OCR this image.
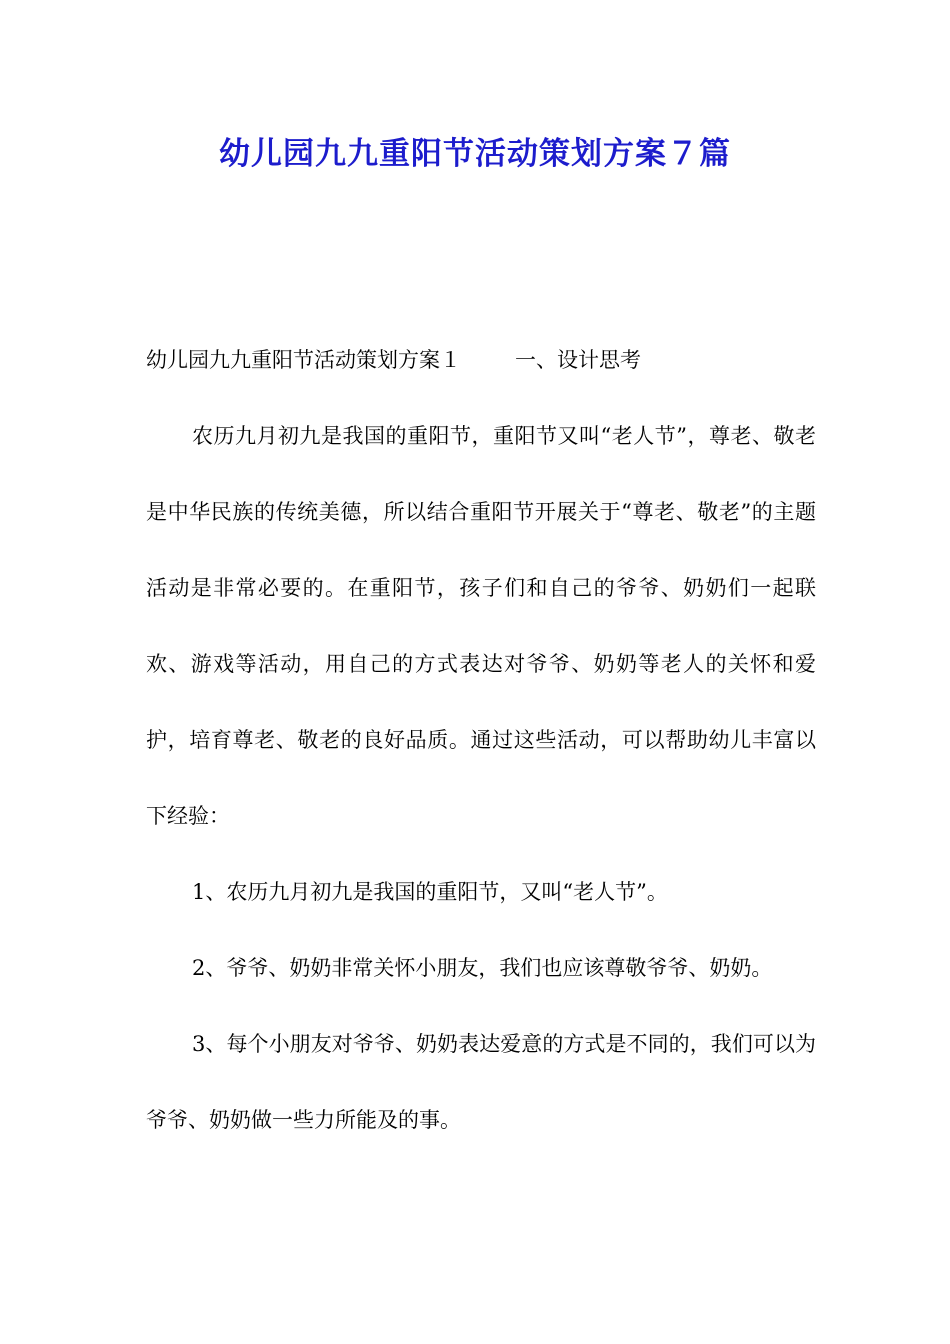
幼儿园九九重阳节活动策划方案７篇
幼儿园九九重阳节活动策划方案１	一、设计思考

农历九月初九是我国的重阳节，重阳节又叫“老人节”，尊老、敬老是中华民族的传统美德，所以结合重阳节开展关于“尊老、敬老”的主题活动是非常必要的。在重阳节，孩子们和自己的爷爷、奶奶们一起联欢、游戏等活动，用自己的方式表达对爷爷、奶奶等老人的关怀和爱护，培育尊老、敬老的良好品质。通过这些活动，可以帮助幼儿丰富以下经验：

1、农历九月初九是我国的重阳节，又叫“老人节”。

2、爷爷、奶奶非常关怀小朋友，我们也应该尊敬爷爷、奶奶。

3、每个小朋友对爷爷、奶奶表达爱意的方式是不同的，我们可以为爷爷、奶奶做一些力所能及的事。
